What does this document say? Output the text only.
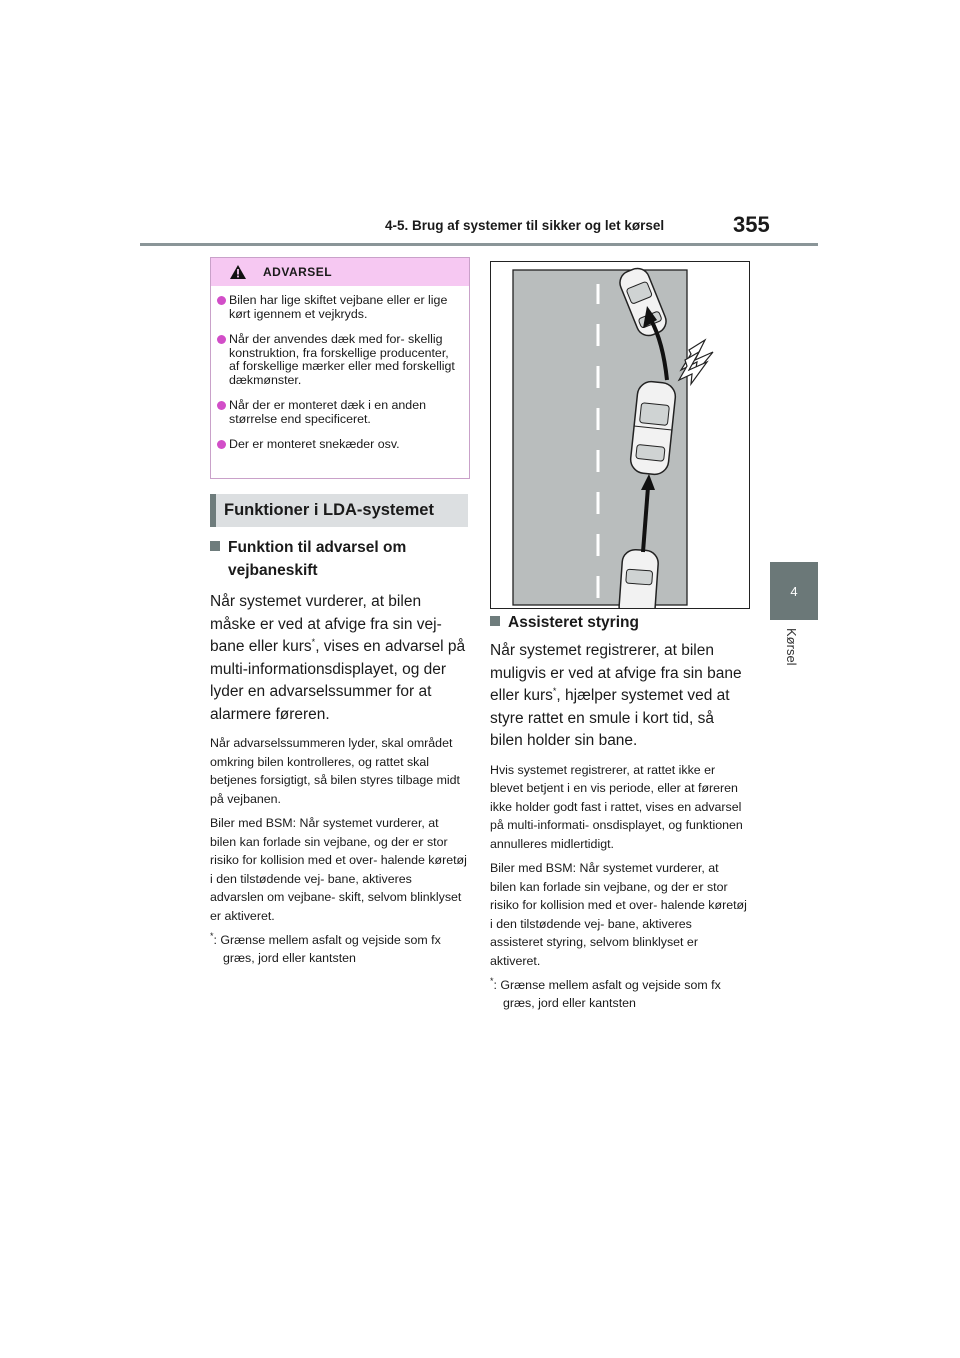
4-5. Brug af systemer til sikker og let kørsel	355
4
Kørsel
ADVARSEL
Bilen har lige skiftet vejbane eller er lige kørt igennem et vejkryds.
Når der anvendes dæk med for- skellig konstruktion, fra forskellige producenter, af forskellige mærker eller med forskelligt dækmønster.
Når der er monteret dæk i en anden størrelse end specificeret.
Der er monteret snekæder osv.
Funktioner i LDA-systemet
Funktion til advarsel om vejbaneskift
Når systemet vurderer, at bilen måske er ved at afvige fra sin vej- bane eller kurs*, vises en advarsel på multi-informationsdisplayet, og der lyder en advarselssummer for at alarmere føreren.
Når advarselssummeren lyder, skal området omkring bilen kontrolleres, og rattet skal betjenes forsigtigt, så bilen styres tilbage midt på vejbanen.
Biler med BSM: Når systemet vurderer, at bilen kan forlade sin vejbane, og der er stor risiko for kollision med et over- halende køretøj i den tilstødende vej- bane, aktiveres advarslen om vejbane- skift, selvom blinklyset er aktiveret.
*: Grænse mellem asfalt og vejside som fx græs, jord eller kantsten
Assisteret styring
Når systemet registrerer, at bilen muligvis er ved at afvige fra sin bane eller kurs*, hjælper systemet ved at styre rattet en smule i kort tid, så bilen holder sin bane.
Hvis systemet registrerer, at rattet ikke er blevet betjent i en vis periode, eller at føreren ikke holder godt fast i rattet, vises en advarsel på multi-informati- onsdisplayet, og funktionen annulleres midlertidigt.
Biler med BSM: Når systemet vurderer, at bilen kan forlade sin vejbane, og der er stor risiko for kollision med et over- halende køretøj i den tilstødende vej- bane, aktiveres assisteret styring, selvom blinklyset er aktiveret.
*: Grænse mellem asfalt og vejside som fx græs, jord eller kantsten
